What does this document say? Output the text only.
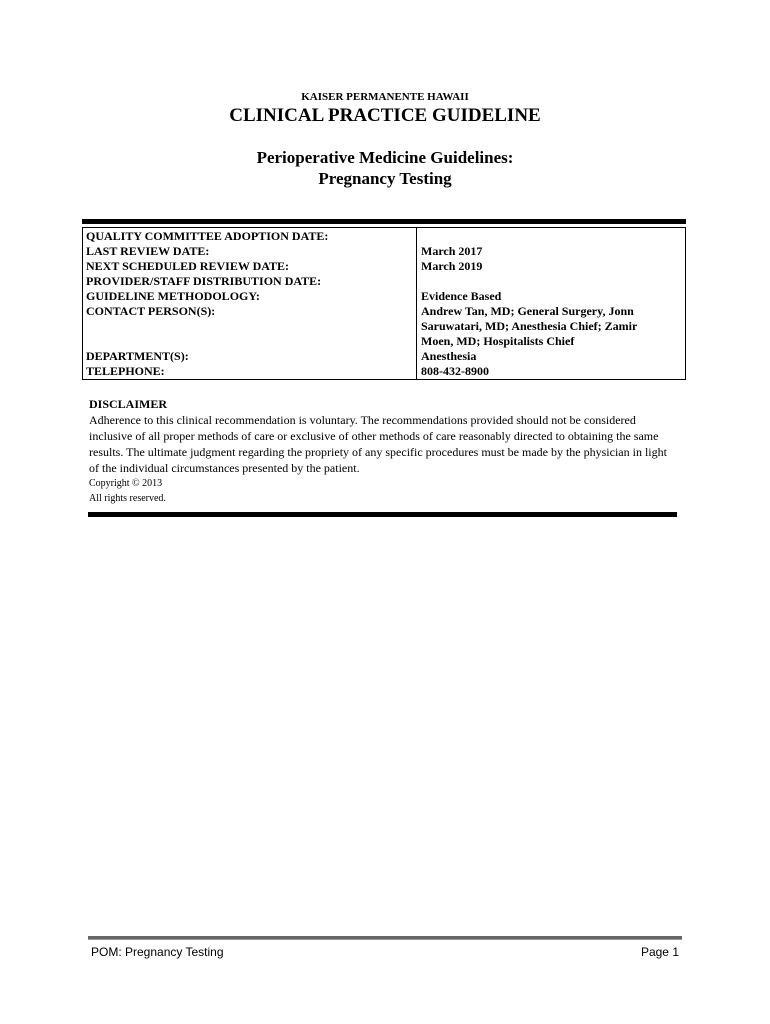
KAISER PERMANENTE HAWAII
CLINICAL PRACTICE GUIDELINE
Perioperative Medicine Guidelines:
Pregnancy Testing
QUALITY COMMITTEE ADOPTION DATE:	
LAST REVIEW DATE:	March 2017
NEXT SCHEDULED REVIEW DATE:	March 2019
PROVIDER/STAFF DISTRIBUTION DATE:	
GUIDELINE METHODOLOGY:	Evidence Based
CONTACT PERSON(S):	Andrew Tan, MD; General Surgery, Jonn
Saruwatari, MD; Anesthesia Chief; Zamir
Moen, MD; Hospitalists Chief

DEPARTMENT(S):	Anesthesia
TELEPHONE:	808-432-8900
DISCLAIMER

Adherence to this clinical recommendation is voluntary. The recommendations provided should not be considered inclusive of all proper methods of care or exclusive of other methods of care reasonably directed to obtaining the same results. The ultimate judgment regarding the propriety of any specific procedures must be made by the physician in light of the individual circumstances presented by the patient.

Copyright © 2013
All rights reserved.
POM: Pregnancy Testing	Page 1
